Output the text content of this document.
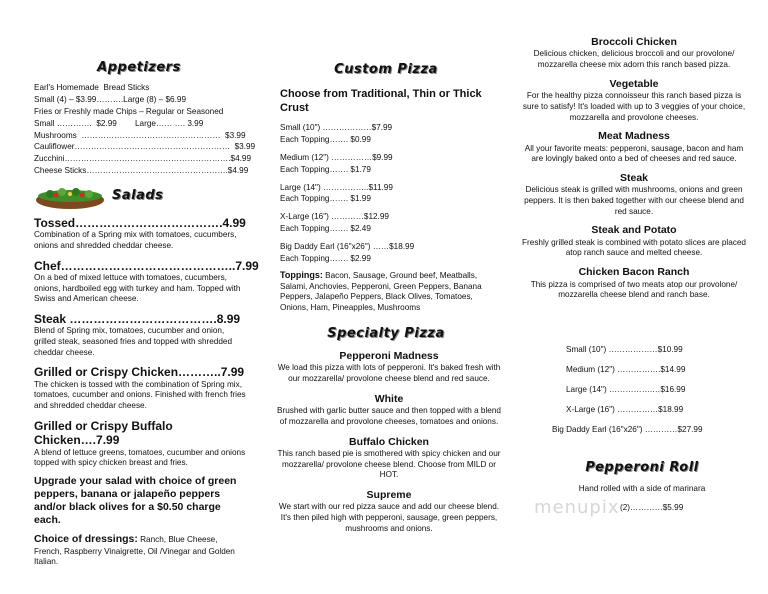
Appetizers
Earl's Homemade  Bread Sticks
Small (4) – $3.99……….Large (8) – $6.99
Fries or Freshly made Chips – Regular or Seasoned
Small ………….  $2.99        Large…… …. 3.99
Mushrooms  ……………………………………………  $3.99
Cauliflower…………………………………………………  $3.99
Zucchini…………………………………………………….$4.99
Cheese Sticks…………………………………………….$4.99
Salads
Tossed……………………………….4.99
Combination of a Spring mix with tomatoes, cucumbers, onions and shredded cheddar cheese.
Chef……………………………………..7.99
On a bed of mixed lettuce with tomatoes, cucumbers, onions, hardboiled egg with turkey and ham. Topped with Swiss and American cheese.
Steak ……………………………….8.99
Blend of Spring mix, tomatoes, cucumber and onion, grilled steak, seasoned fries and topped with shredded cheddar cheese.
Grilled or Crispy Chicken………..7.99
The chicken is tossed with the combination of Spring mix, tomatoes, cucumber and onions. Finished with french fries and shredded cheddar cheese.
Grilled or Crispy Buffalo Chicken….7.99
A blend of lettuce greens, tomatoes, cucumber and onions topped with spicy chicken breast and fries.
Upgrade your salad with choice of green peppers, banana or jalapeño peppers and/or black olives for a $0.50 charge each.
Choice of dressings: Ranch, Blue Cheese, French, Raspberry Vinaigrette, Oil /Vinegar and Golden Italian.
Custom Pizza
Choose from Traditional, Thin or Thick Crust
Small (10") ………………$7.99
Each Topping……. $0.99
Medium (12") ……………$9.99
Each Topping……. $1.79
Large (14") ……………..$11.99
Each Topping……. $1.99
X-Large (16") …………$12.99
Each Topping……. $2.49
Big Daddy Earl (16"x26") ……$18.99
Each Topping……. $2.99
Toppings: Bacon, Sausage, Ground beef, Meatballs, Salami, Anchovies, Pepperoni, Green Peppers, Banana Peppers, Jalapeño Peppers, Black Olives, Tomatoes, Onions, Ham, Pineapples, Mushrooms
Specialty Pizza
Pepperoni Madness
We load this pizza with lots of pepperoni. It's baked fresh with our mozzarella/ provolone cheese blend and red sauce.
White
Brushed with garlic butter sauce and then topped with a blend of mozzarella and provolone cheeses, tomatoes and onions.
Buffalo Chicken
This ranch based pie is smothered with spicy chicken and our mozzarella/ provolone cheese blend. Choose from MILD or HOT.
Supreme
We start with our red pizza sauce and add our cheese blend. It's then piled high with pepperoni, sausage, green peppers, mushrooms and onions.
Broccoli Chicken
Delicious chicken, delicious broccoli and our provolone/ mozzarella cheese mix adorn this ranch based pizza.
Vegetable
For the healthy pizza connoisseur this ranch based pizza is sure to satisfy! It's loaded with up to 3 veggies of your choice, mozzarella and provolone cheeses.
Meat Madness
All your favorite meats: pepperoni, sausage, bacon and ham are lovingly baked onto a bed of cheeses and red sauce.
Steak
Delicious steak is grilled with mushrooms, onions and green peppers. It is then baked together with our cheese blend and red sauce.
Steak and Potato
Freshly grilled steak is combined with potato slices are placed atop ranch sauce and melted cheese.
Chicken Bacon Ranch
This pizza is comprised of two meats atop our provolone/ mozzarella cheese blend and ranch base.
Small (10") ………………$10.99
Medium (12") …………….$14.99
Large (14") …………….…$16.99
X-Large (16") ……………$18.99
Big Daddy Earl (16"x26") …………$27.99
Pepperoni Roll
Hand rolled with a side of marinara
menupix (2)…………$5.99
